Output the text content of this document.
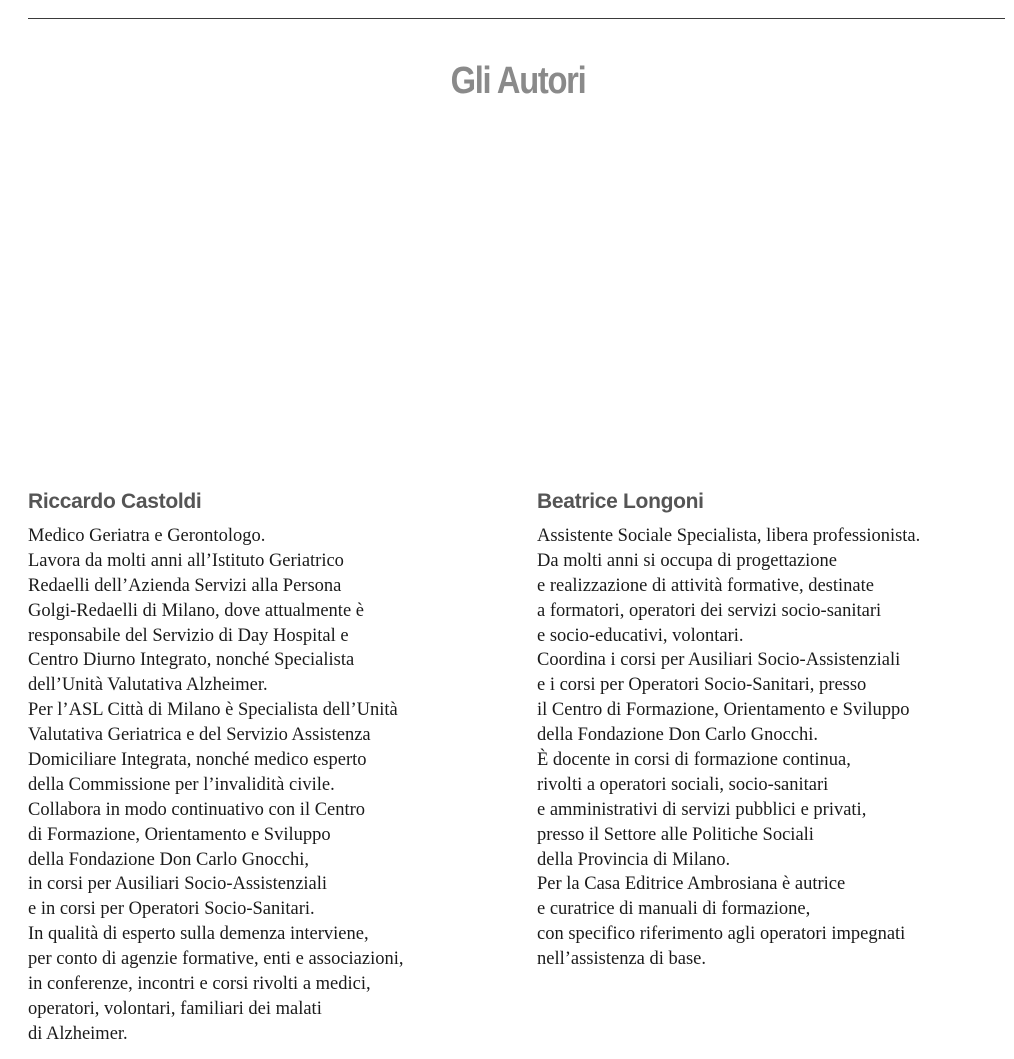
Gli Autori
Riccardo Castoldi
Medico Geriatra e Gerontologo.
Lavora da molti anni all’Istituto Geriatrico
Redaelli dell’Azienda Servizi alla Persona
Golgi-Redaelli di Milano, dove attualmente è
responsabile del Servizio di Day Hospital e
Centro Diurno Integrato, nonché Specialista
dell’Unità Valutativa Alzheimer.
Per l’ASL Città di Milano è Specialista dell’Unità
Valutativa Geriatrica e del Servizio Assistenza
Domiciliare Integrata, nonché medico esperto
della Commissione per l’invalidità civile.
Collabora in modo continuativo con il Centro
di Formazione, Orientamento e Sviluppo
della Fondazione Don Carlo Gnocchi,
in corsi per Ausiliari Socio-Assistenziali
e in corsi per Operatori Socio-Sanitari.
In qualità di esperto sulla demenza interviene,
per conto di agenzie formative, enti e associazioni,
in conferenze, incontri e corsi rivolti a medici,
operatori, volontari, familiari dei malati
di Alzheimer.
Beatrice Longoni
Assistente Sociale Specialista, libera professionista.
Da molti anni si occupa di progettazione
e realizzazione di attività formative, destinate
a formatori, operatori dei servizi socio-sanitari
e socio-educativi, volontari.
Coordina i corsi per Ausiliari Socio-Assistenziali
e i corsi per Operatori Socio-Sanitari, presso
il Centro di Formazione, Orientamento e Sviluppo
della Fondazione Don Carlo Gnocchi.
È docente in corsi di formazione continua,
rivolti a operatori sociali, socio-sanitari
e amministrativi di servizi pubblici e privati,
presso il Settore alle Politiche Sociali
della Provincia di Milano.
Per la Casa Editrice Ambrosiana è autrice
e curatrice di manuali di formazione,
con specifico riferimento agli operatori impegnati
nell’assistenza di base.
